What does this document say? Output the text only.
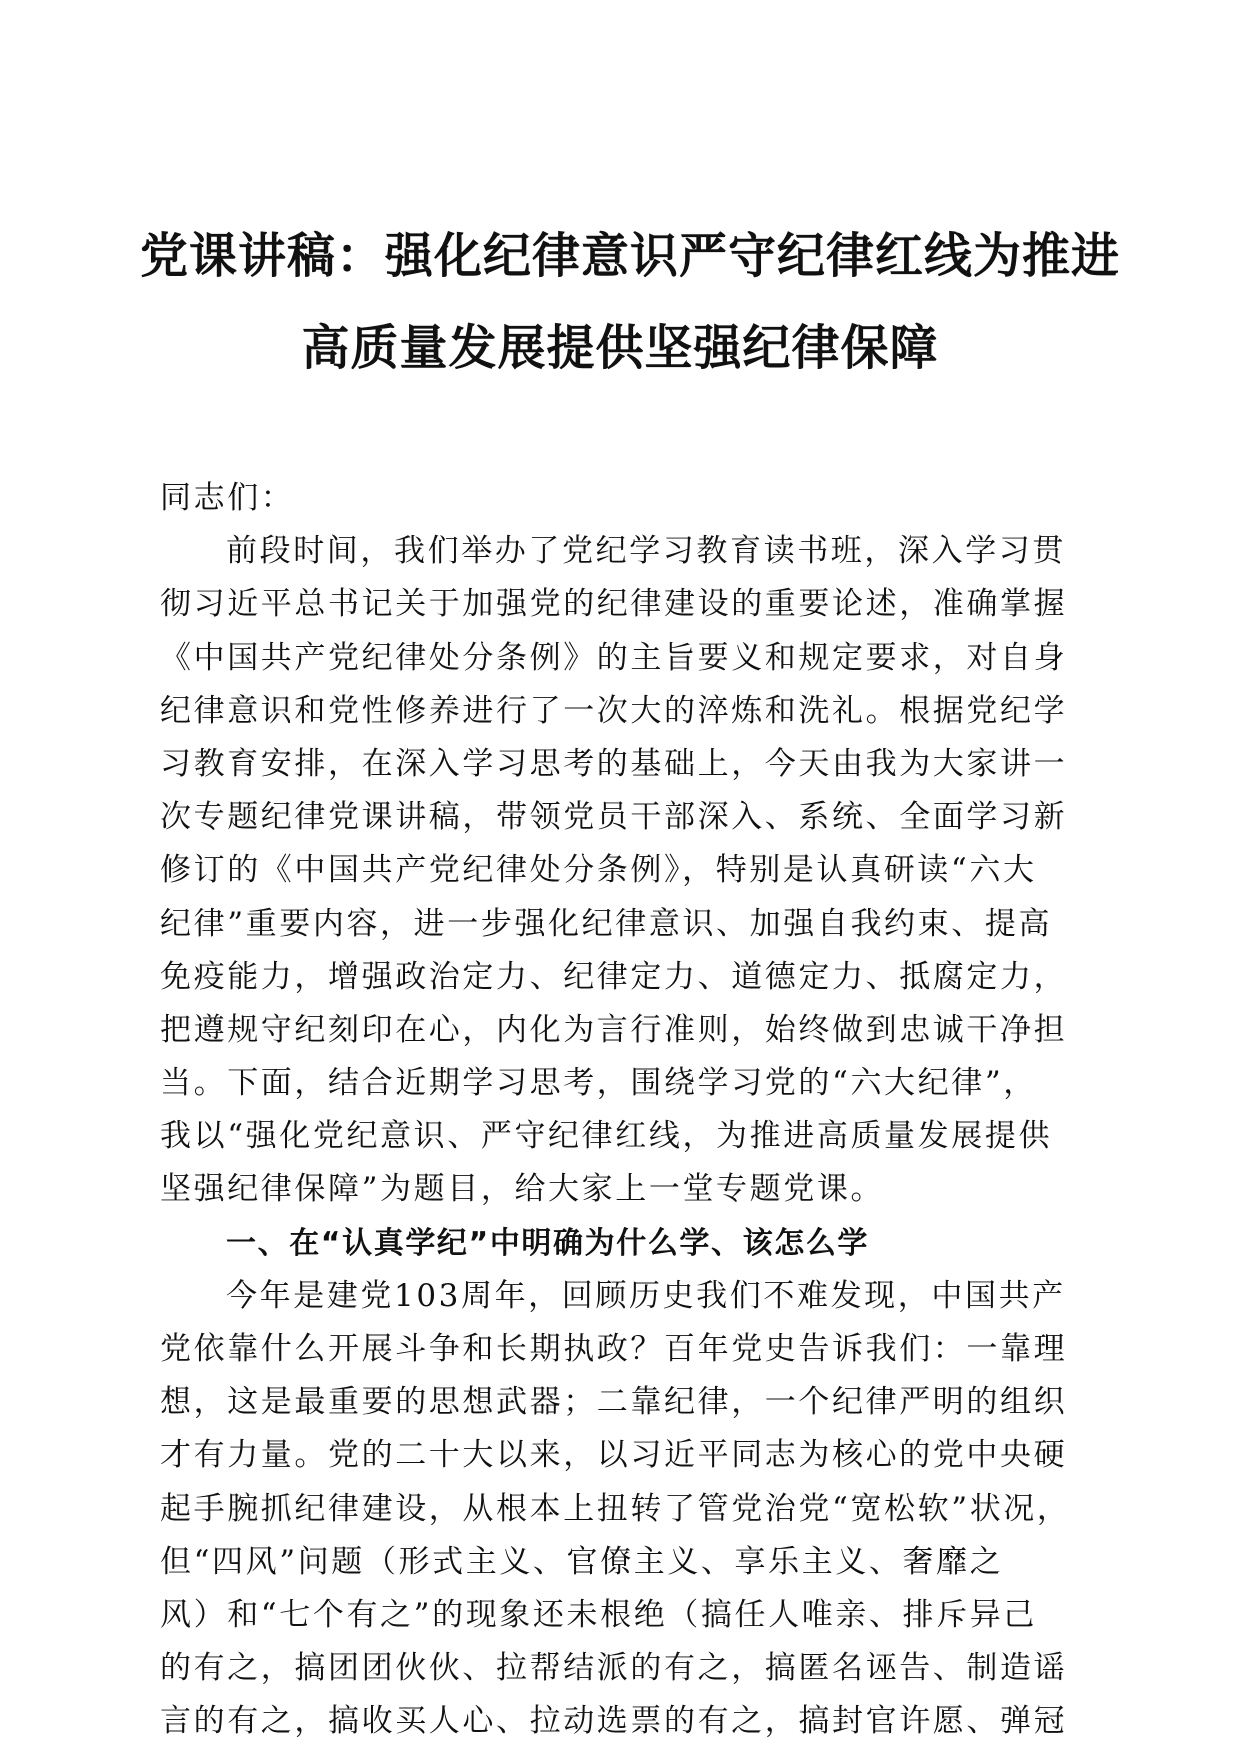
党课讲稿：强化纪律意识严守纪律红线为推进
高质量发展提供坚强纪律保障
同志们：
前段时间，我们举办了党纪学习教育读书班，深入学习贯
彻习近平总书记关于加强党的纪律建设的重要论述，准确掌握
《中国共产党纪律处分条例》的主旨要义和规定要求，对自身
纪律意识和党性修养进行了一次大的淬炼和洗礼。根据党纪学
习教育安排，在深入学习思考的基础上，今天由我为大家讲一
次专题纪律党课讲稿，带领党员干部深入、系统、全面学习新
修订的《中国共产党纪律处分条例》，特别是认真研读“六大
纪律”重要内容，进一步强化纪律意识、加强自我约束、提高
免疫能力，增强政治定力、纪律定力、道德定力、抵腐定力，
把遵规守纪刻印在心，内化为言行准则，始终做到忠诚干净担
当。下面，结合近期学习思考，围绕学习党的“六大纪律”，
我以“强化党纪意识、严守纪律红线，为推进高质量发展提供
坚强纪律保障”为题目，给大家上一堂专题党课。
一、在“认真学纪”中明确为什么学、该怎么学
今年是建党103周年，回顾历史我们不难发现，中国共产
党依靠什么开展斗争和长期执政？百年党史告诉我们：一靠理
想，这是最重要的思想武器；二靠纪律，一个纪律严明的组织
才有力量。党的二十大以来，以习近平同志为核心的党中央硬
起手腕抓纪律建设，从根本上扭转了管党治党“宽松软”状况，
但“四风”问题（形式主义、官僚主义、享乐主义、奢靡之
风）和“七个有之”的现象还未根绝（搞任人唯亲、排斥异己
的有之，搞团团伙伙、拉帮结派的有之，搞匿名诬告、制造谣
言的有之，搞收买人心、拉动选票的有之，搞封官许愿、弹冠
